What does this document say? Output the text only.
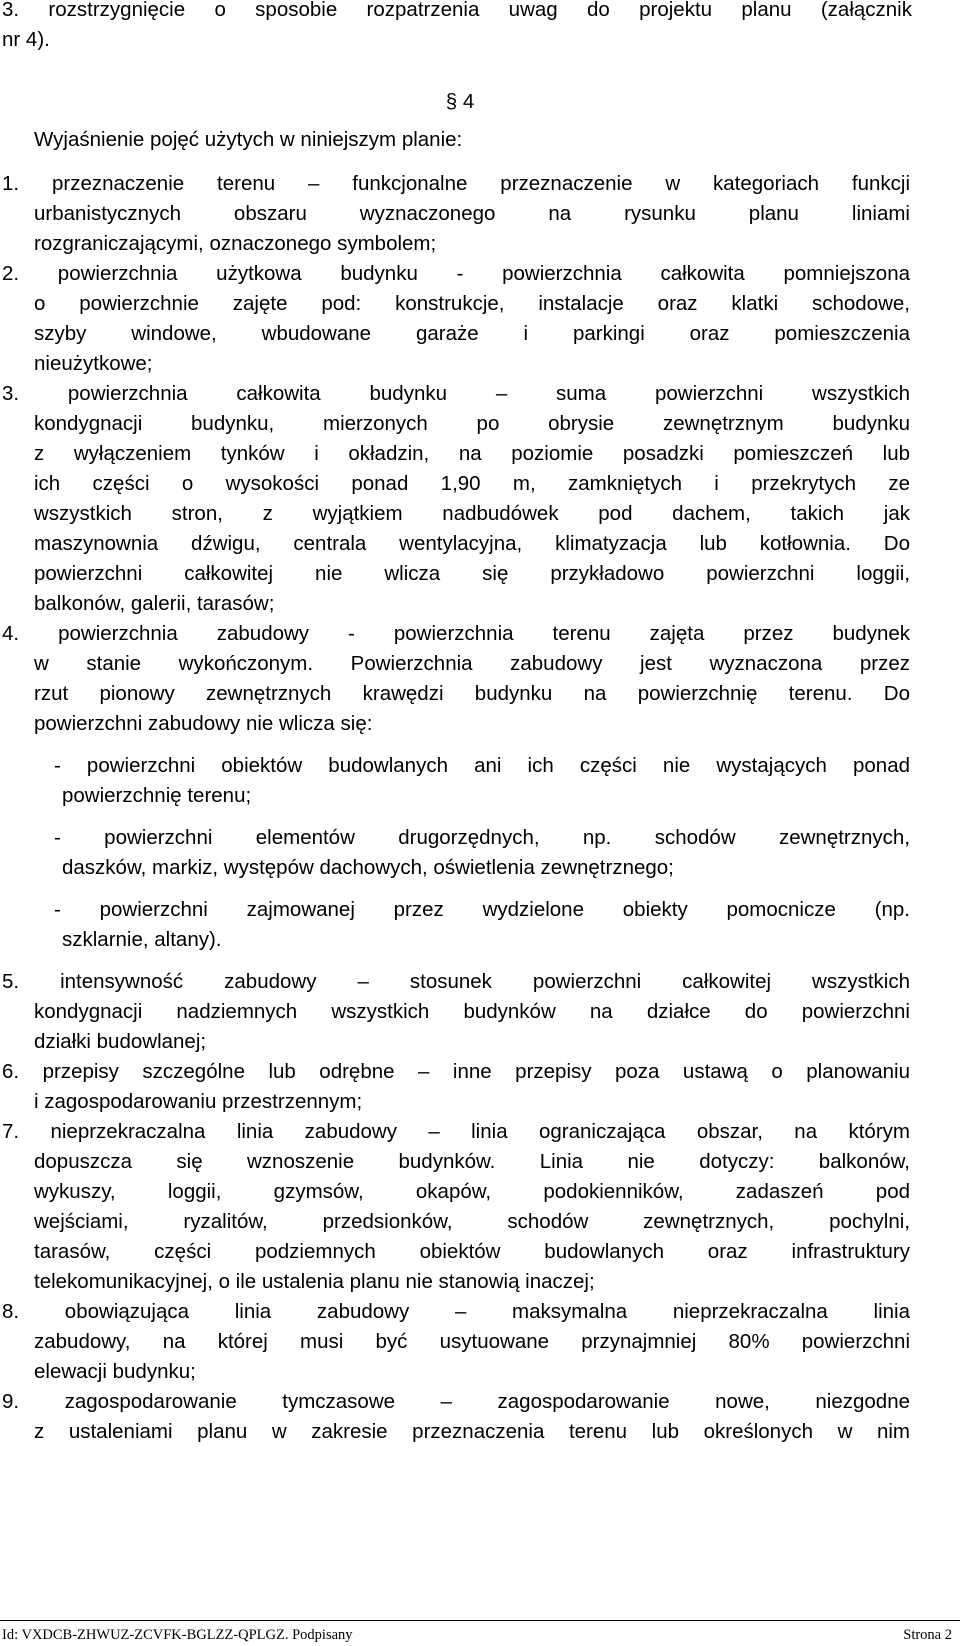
3. rozstrzygnięcie o sposobie rozpatrzenia uwag do projektu planu (załącznik
nr 4).
§ 4
Wyjaśnienie pojęć użytych w niniejszym planie:
1. przeznaczenie terenu – funkcjonalne przeznaczenie w kategoriach funkcji
urbanistycznych obszaru wyznaczonego na rysunku planu liniami
rozgraniczającymi, oznaczonego symbolem;
2. powierzchnia użytkowa budynku - powierzchnia całkowita pomniejszona
o powierzchnie zajęte pod: konstrukcje, instalacje oraz klatki schodowe,
szyby windowe, wbudowane garaże i parkingi oraz pomieszczenia
nieużytkowe;
3. powierzchnia całkowita budynku – suma powierzchni wszystkich
kondygnacji budynku, mierzonych po obrysie zewnętrznym budynku
z wyłączeniem tynków i okładzin, na poziomie posadzki pomieszczeń lub
ich części o wysokości ponad 1,90 m, zamkniętych i przekrytych ze
wszystkich stron, z wyjątkiem nadbudówek pod dachem, takich jak
maszynownia dźwigu, centrala wentylacyjna, klimatyzacja lub kotłownia. Do
powierzchni całkowitej nie wlicza się przykładowo powierzchni loggii,
balkonów, galerii, tarasów;
4. powierzchnia zabudowy - powierzchnia terenu zajęta przez budynek
w stanie wykończonym. Powierzchnia zabudowy jest wyznaczona przez
rzut pionowy zewnętrznych krawędzi budynku na powierzchnię terenu. Do
powierzchni zabudowy nie wlicza się:
- powierzchni obiektów budowlanych ani ich części nie wystających ponad
powierzchnię terenu;
- powierzchni elementów drugorzędnych, np. schodów zewnętrznych,
daszków, markiz, występów dachowych, oświetlenia zewnętrznego;
- powierzchni zajmowanej przez wydzielone obiekty pomocnicze (np.
szklarnie, altany).
5. intensywność zabudowy – stosunek powierzchni całkowitej wszystkich
kondygnacji nadziemnych wszystkich budynków na działce do powierzchni
działki budowlanej;
6. przepisy szczególne lub odrębne – inne przepisy poza ustawą o planowaniu
i zagospodarowaniu przestrzennym;
7. nieprzekraczalna linia zabudowy – linia ograniczająca obszar, na którym
dopuszcza się wznoszenie budynków. Linia nie dotyczy: balkonów,
wykuszy, loggii, gzymsów, okapów, podokienników, zadaszeń pod
wejściami, ryzalitów, przedsionków, schodów zewnętrznych, pochylni,
tarasów, części podziemnych obiektów budowlanych oraz infrastruktury
telekomunikacyjnej, o ile ustalenia planu nie stanowią inaczej;
8. obowiązująca linia zabudowy – maksymalna nieprzekraczalna linia
zabudowy, na której musi być usytuowane przynajmniej 80% powierzchni
elewacji budynku;
9. zagospodarowanie tymczasowe – zagospodarowanie nowe, niezgodne
z ustaleniami planu w zakresie przeznaczenia terenu lub określonych w nim
Id: VXDCB-ZHWUZ-ZCVFK-BGLZZ-QPLGZ. Podpisany	Strona 2
